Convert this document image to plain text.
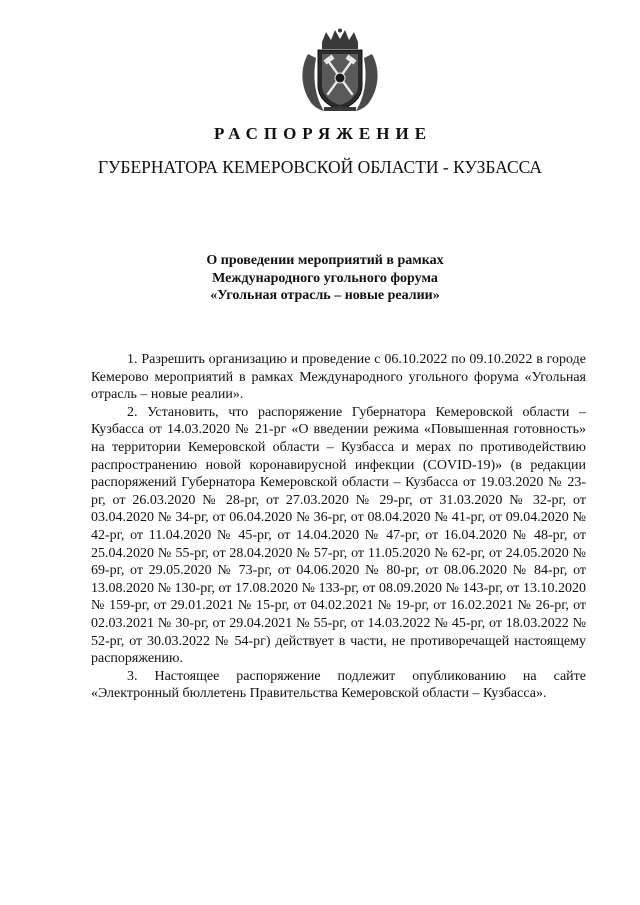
РАСПОРЯЖЕНИЕ
ГУБЕРНАТОРА КЕМЕРОВСКОЙ ОБЛАСТИ - КУЗБАССА
О проведении мероприятий в рамках
Международного угольного форума
«Угольная отрасль – новые реалии»

1. Разрешить организацию и проведение с 06.10.2022 по 09.10.2022 в городе Кемерово мероприятий в рамках Международного угольного форума «Угольная отрасль – новые реалии».

2. Установить, что распоряжение Губернатора Кемеровской области – Кузбасса от 14.03.2020 № 21-рг «О введении режима «Повышенная готовность» на территории Кемеровской области – Кузбасса и мерах по противодействию распространению новой коронавирусной инфекции (COVID-19)» (в редакции распоряжений Губернатора Кемеровской области – Кузбасса от 19.03.2020 № 23-рг, от 26.03.2020 № 28-рг, от 27.03.2020 № 29-рг, от 31.03.2020 № 32-рг, от 03.04.2020 № 34-рг, от 06.04.2020 № 36-рг, от 08.04.2020 № 41-рг, от 09.04.2020 № 42-рг, от 11.04.2020 № 45-рг, от 14.04.2020 № 47-рг, от 16.04.2020 № 48-рг, от 25.04.2020 № 55-рг, от 28.04.2020 № 57-рг, от 11.05.2020 № 62-рг, от 24.05.2020 № 69-рг, от 29.05.2020 № 73-рг, от 04.06.2020 № 80-рг, от 08.06.2020 № 84-рг, от 13.08.2020 № 130-рг, от 17.08.2020 № 133-рг, от 08.09.2020 № 143-рг, от 13.10.2020 № 159-рг, от 29.01.2021 № 15-рг, от 04.02.2021 № 19-рг, от 16.02.2021 № 26-рг, от 02.03.2021 № 30-рг, от 29.04.2021 № 55-рг, от 14.03.2022 № 45-рг, от 18.03.2022 № 52-рг, от 30.03.2022 № 54-рг) действует в части, не противоречащей настоящему распоряжению.

3. Настоящее распоряжение подлежит опубликованию на сайте «Электронный бюллетень Правительства Кемеровской области – Кузбасса».
